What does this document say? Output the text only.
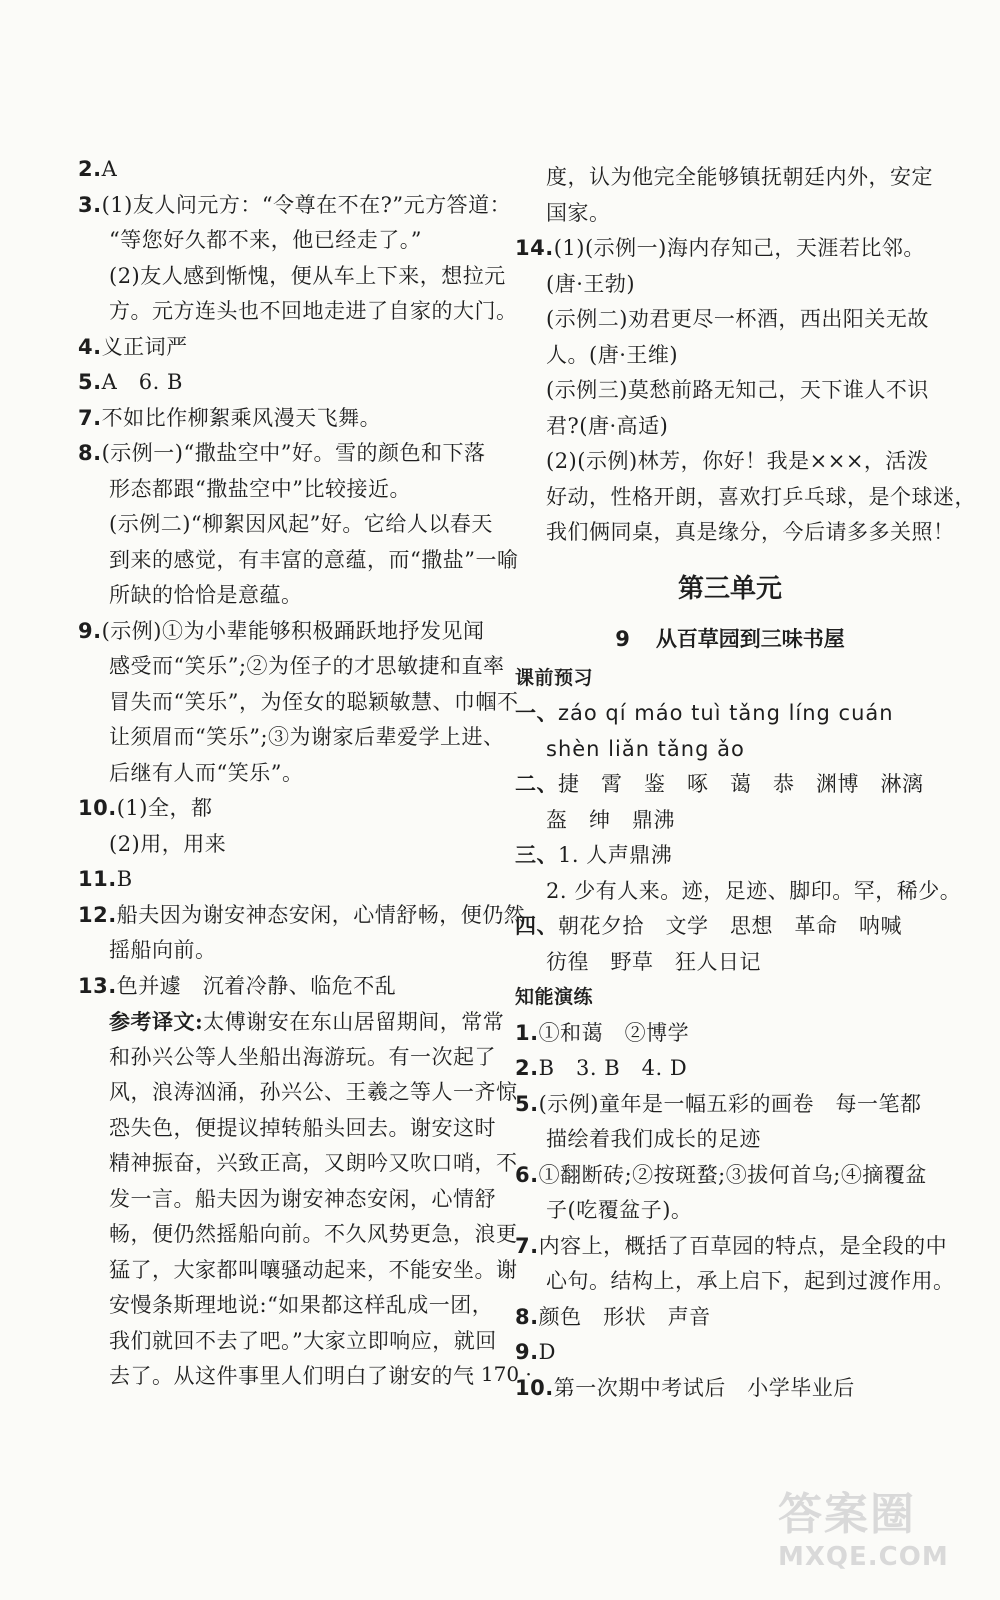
2.A
3.(1)友人问元方：“令尊在不在?”元方答道：
“等您好久都不来，他已经走了。”
(2)友人感到惭愧，便从车上下来，想拉元
方。元方连头也不回地走进了自家的大门。
4.义正词严
5.A　6. B
7.不如比作柳絮乘风漫天飞舞。
8.(示例一)“撒盐空中”好。雪的颜色和下落
形态都跟“撒盐空中”比较接近。
(示例二)“柳絮因风起”好。它给人以春天
到来的感觉，有丰富的意蕴，而“撒盐”一喻
所缺的恰恰是意蕴。
9.(示例)①为小辈能够积极踊跃地抒发见闻
感受而“笑乐”;②为侄子的才思敏捷和直率
冒失而“笑乐”，为侄女的聪颖敏慧、巾帼不
让须眉而“笑乐”;③为谢家后辈爱学上进、
后继有人而“笑乐”。
10.(1)全，都
(2)用，用来
11.B
12.船夫因为谢安神态安闲，心情舒畅，便仍然
摇船向前。
13.色并遽　沉着冷静、临危不乱
参考译文:太傅谢安在东山居留期间，常常
和孙兴公等人坐船出海游玩。有一次起了
风，浪涛汹涌，孙兴公、王羲之等人一齐惊
恐失色，便提议掉转船头回去。谢安这时
精神振奋，兴致正高，又朗吟又吹口哨，不
发一言。船夫因为谢安神态安闲，心情舒
畅，便仍然摇船向前。不久风势更急，浪更
猛了，大家都叫嚷骚动起来，不能安坐。谢
安慢条斯理地说:“如果都这样乱成一团，
我们就回不去了吧。”大家立即响应，就回
去了。从这件事里人们明白了谢安的气
度，认为他完全能够镇抚朝廷内外，安定
国家。
14.(1)(示例一)海内存知己，天涯若比邻。
(唐·王勃)
(示例二)劝君更尽一杯酒，西出阳关无故
人。(唐·王维)
(示例三)莫愁前路无知己，天下谁人不识
君?(唐·高适)
(2)(示例)林芳，你好！我是×××，活泼
好动，性格开朗，喜欢打乒乓球，是个球迷，
我们俩同桌，真是缘分，今后请多多关照！
第三单元
9 从百草园到三味书屋
课前预习
一、záo qí máo tuì tǎng líng cuán
shèn liǎn tǎng ǎo
二、捷　霄　鉴　啄　蔼　恭　渊博　淋漓
盔　绅　鼎沸
三、1. 人声鼎沸
2. 少有人来。迹，足迹、脚印。罕，稀少。
四、朝花夕拾　文学　思想　革命　呐喊
彷徨　野草　狂人日记
知能演练
1.①和蔼　②博学
2.B　3. B　4. D
5.(示例)童年是一幅五彩的画卷　每一笔都
描绘着我们成长的足迹
6.①翻断砖;②按斑蝥;③拔何首乌;④摘覆盆
子(吃覆盆子)。
7.内容上，概括了百草园的特点，是全段的中
心句。结构上，承上启下，起到过渡作用。
8.颜色　形状　声音
9.D
10.第一次期中考试后　小学毕业后
· 170 ·
答案圈
MXQE.COM
